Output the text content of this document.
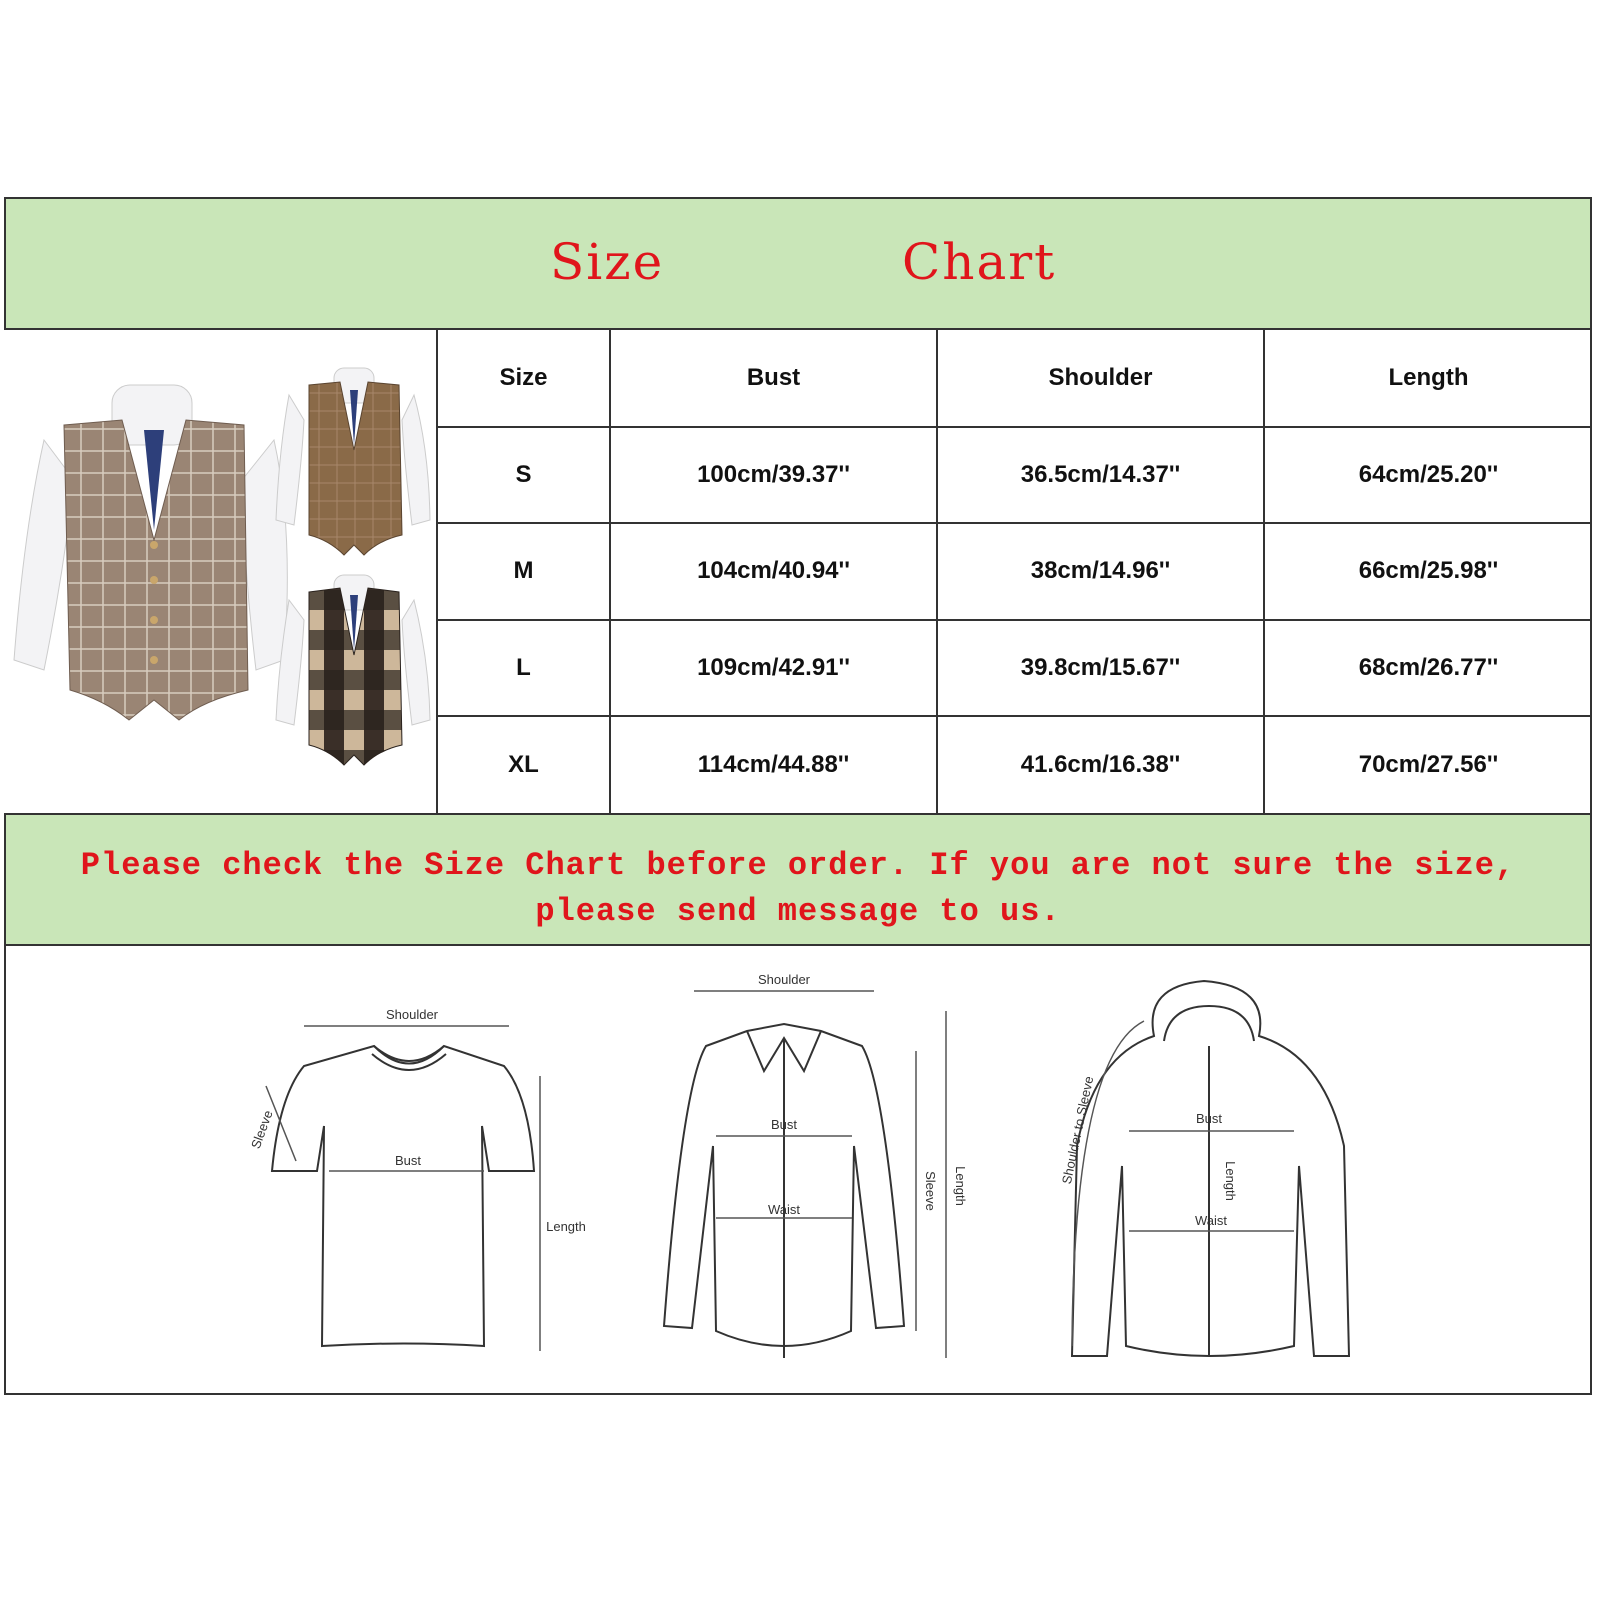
Size	Chart
Size	Bust	Shoulder	Length
S	100cm/39.37''	36.5cm/14.37''	64cm/25.20''
M	104cm/40.94''	38cm/14.96''	66cm/25.98''
L	109cm/42.91''	39.8cm/15.67''	68cm/26.77''
XL	114cm/44.88''	41.6cm/16.38''	70cm/27.56''
Please check the Size Chart before order. If you are not sure the size,
please send message to us.
Shoulder
Bust
Length
Sleeve
Shoulder
Bust
Waist	Sleeve Length
Bust
Waist
Length
Shoulder to Sleeve
